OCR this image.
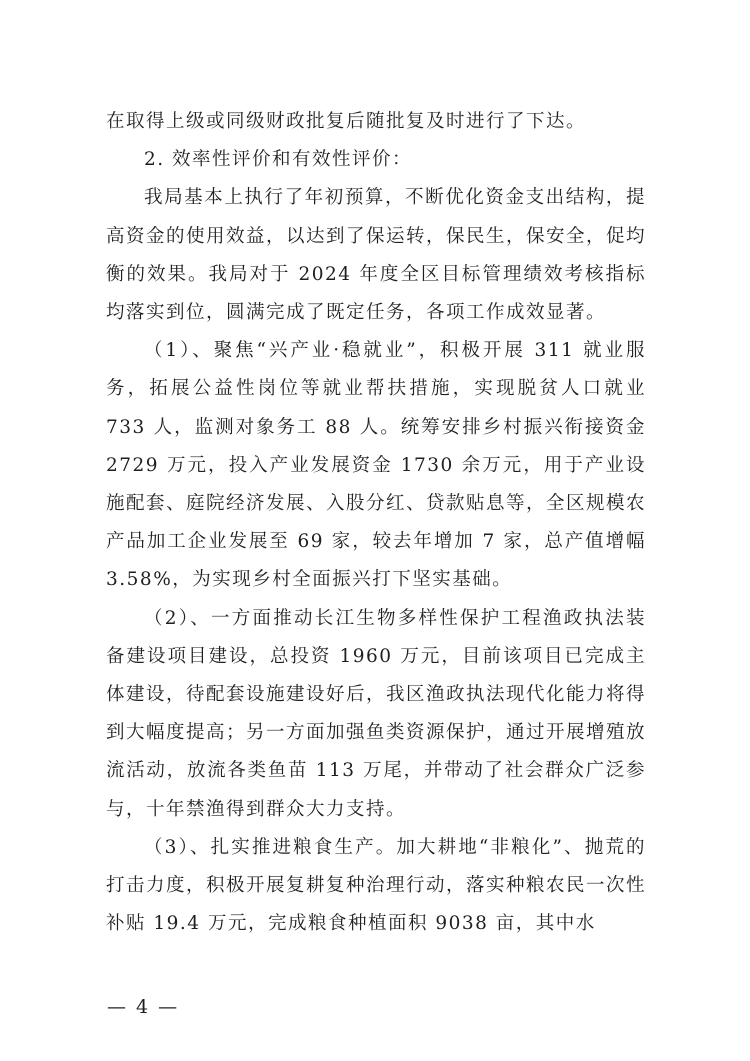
在取得上级或同级财政批复后随批复及时进行了下达。

2. 效率性评价和有效性评价：

我局基本上执行了年初预算，不断优化资金支出结构，提高资金的使用效益，以达到了保运转，保民生，保安全，促均衡的效果。我局对于 2024 年度全区目标管理绩效考核指标均落实到位，圆满完成了既定任务，各项工作成效显著。

（1）、聚焦“兴产业·稳就业”，积极开展 311 就业服务，拓展公益性岗位等就业帮扶措施，实现脱贫人口就业 733 人，监测对象务工 88 人。统筹安排乡村振兴衔接资金 2729 万元，投入产业发展资金 1730 余万元，用于产业设施配套、庭院经济发展、入股分红、贷款贴息等，全区规模农产品加工企业发展至 69 家，较去年增加 7 家，总产值增幅 3.58%，为实现乡村全面振兴打下坚实基础。

（2）、一方面推动长江生物多样性保护工程渔政执法装备建设项目建设，总投资 1960 万元，目前该项目已完成主体建设，待配套设施建设好后，我区渔政执法现代化能力将得到大幅度提高；另一方面加强鱼类资源保护，通过开展增殖放流活动，放流各类鱼苗 113 万尾，并带动了社会群众广泛参与，十年禁渔得到群众大力支持。

（3）、扎实推进粮食生产。加大耕地“非粮化”、抛荒的打击力度，积极开展复耕复种治理行动，落实种粮农民一次性补贴 19.4 万元，完成粮食种植面积 9038 亩，其中水

— 4 —
